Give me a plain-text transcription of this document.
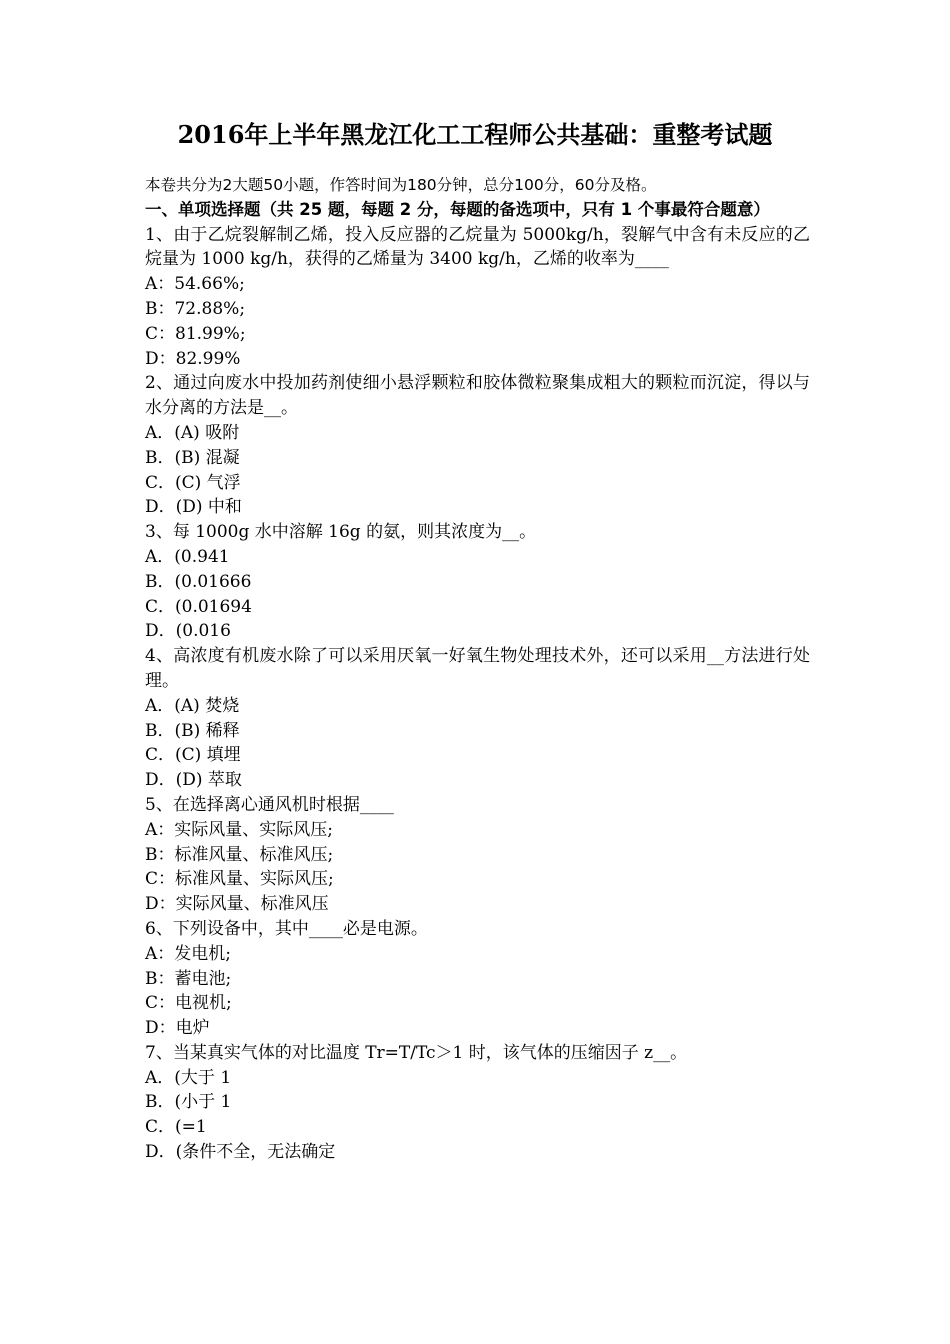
2016年上半年黑龙江化工工程师公共基础：重整考试题

本卷共分为2大题50小题，作答时间为180分钟，总分100分，60分及格。

一、单项选择题（共 25 题，每题 2 分，每题的备选项中，只有 1 个事最符合题意）

1、由于乙烷裂解制乙烯，投入反应器的乙烷量为 5000kg/h，裂解气中含有未反应的乙烷量为 1000 kg/h，获得的乙烯量为 3400 kg/h，乙烯的收率为____

A：54.66%;

B：72.88%;

C：81.99%;

D：82.99%

2、通过向废水中投加药剂使细小悬浮颗粒和胶体微粒聚集成粗大的颗粒而沉淀，得以与水分离的方法是__。

A．(A) 吸附

B．(B) 混凝

C．(C) 气浮

D．(D) 中和

3、每 1000g 水中溶解 16g 的氨，则其浓度为__。

A．(0.941

B．(0.01666

C．(0.01694

D．(0.016

4、高浓度有机废水除了可以采用厌氧一好氧生物处理技术外，还可以采用__方法进行处理。

A．(A) 焚烧

B．(B) 稀释

C．(C) 填埋

D．(D) 萃取

5、在选择离心通风机时根据____

A：实际风量、实际风压;

B：标准风量、标准风压;

C：标准风量、实际风压;

D：实际风量、标准风压

6、下列设备中，其中____必是电源。

A：发电机;

B：蓄电池;

C：电视机;

D：电炉

7、当某真实气体的对比温度 Tr=T/Tc＞1 时，该气体的压缩因子 z__。

A．(大于 1

B．(小于 1

C．(=1

D．(条件不全，无法确定
